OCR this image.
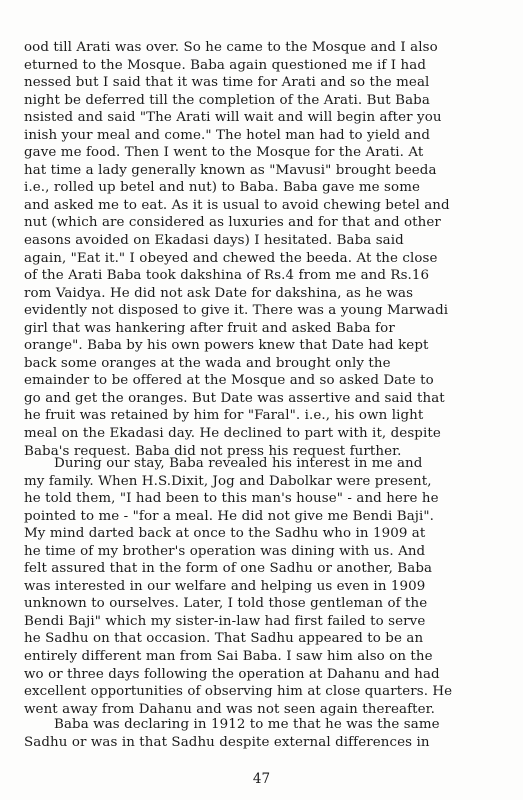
ood till Arati was over. So he came to the Mosque and I also
eturned to the Mosque. Baba again questioned me if I had
nessed but I said that it was time for Arati and so the meal
night be deferred till the completion of the Arati. But Baba
nsisted and said "The Arati will wait and will begin after you
inish your meal and come." The hotel man had to yield and
gave me food. Then I went to the Mosque for the Arati. At
hat time a lady generally known as "Mavusi" brought beeda
i.e., rolled up betel and nut) to Baba. Baba gave me some
and asked me to eat. As it is usual to avoid chewing betel and
nut (which are considered as luxuries and for that and other
easons avoided on Ekadasi days) I hesitated. Baba said
again, "Eat it." I obeyed and chewed the beeda. At the close
of the Arati Baba took dakshina of Rs.4 from me and Rs.16
rom Vaidya. He did not ask Date for dakshina, as he was
evidently not disposed to give it. There was a young Marwadi
girl that was hankering after fruit and asked Baba for
orange". Baba by his own powers knew that Date had kept
back some oranges at the wada and brought only the
emainder to be offered at the Mosque and so asked Date to
go and get the oranges. But Date was assertive and said that
he fruit was retained by him for "Faral". i.e., his own light
meal on the Ekadasi day. He declined to part with it, despite
Baba's request. Baba did not press his request further.
During our stay, Baba revealed his interest in me and
my family. When H.S.Dixit, Jog and Dabolkar were present,
he told them, "I had been to this man's house" - and here he
pointed to me - "for a meal. He did not give me Bendi Baji".
My mind darted back at once to the Sadhu who in 1909 at
he time of my brother's operation was dining with us. And
felt assured that in the form of one Sadhu or another, Baba
was interested in our welfare and helping us even in 1909
unknown to ourselves. Later, I told those gentleman of the
Bendi Baji" which my sister-in-law had first failed to serve
he Sadhu on that occasion. That Sadhu appeared to be an
entirely different man from Sai Baba. I saw him also on the
wo or three days following the operation at Dahanu and had
excellent opportunities of observing him at close quarters. He
went away from Dahanu and was not seen again thereafter.
Baba was declaring in 1912 to me that he was the same
Sadhu or was in that Sadhu despite external differences in
47
